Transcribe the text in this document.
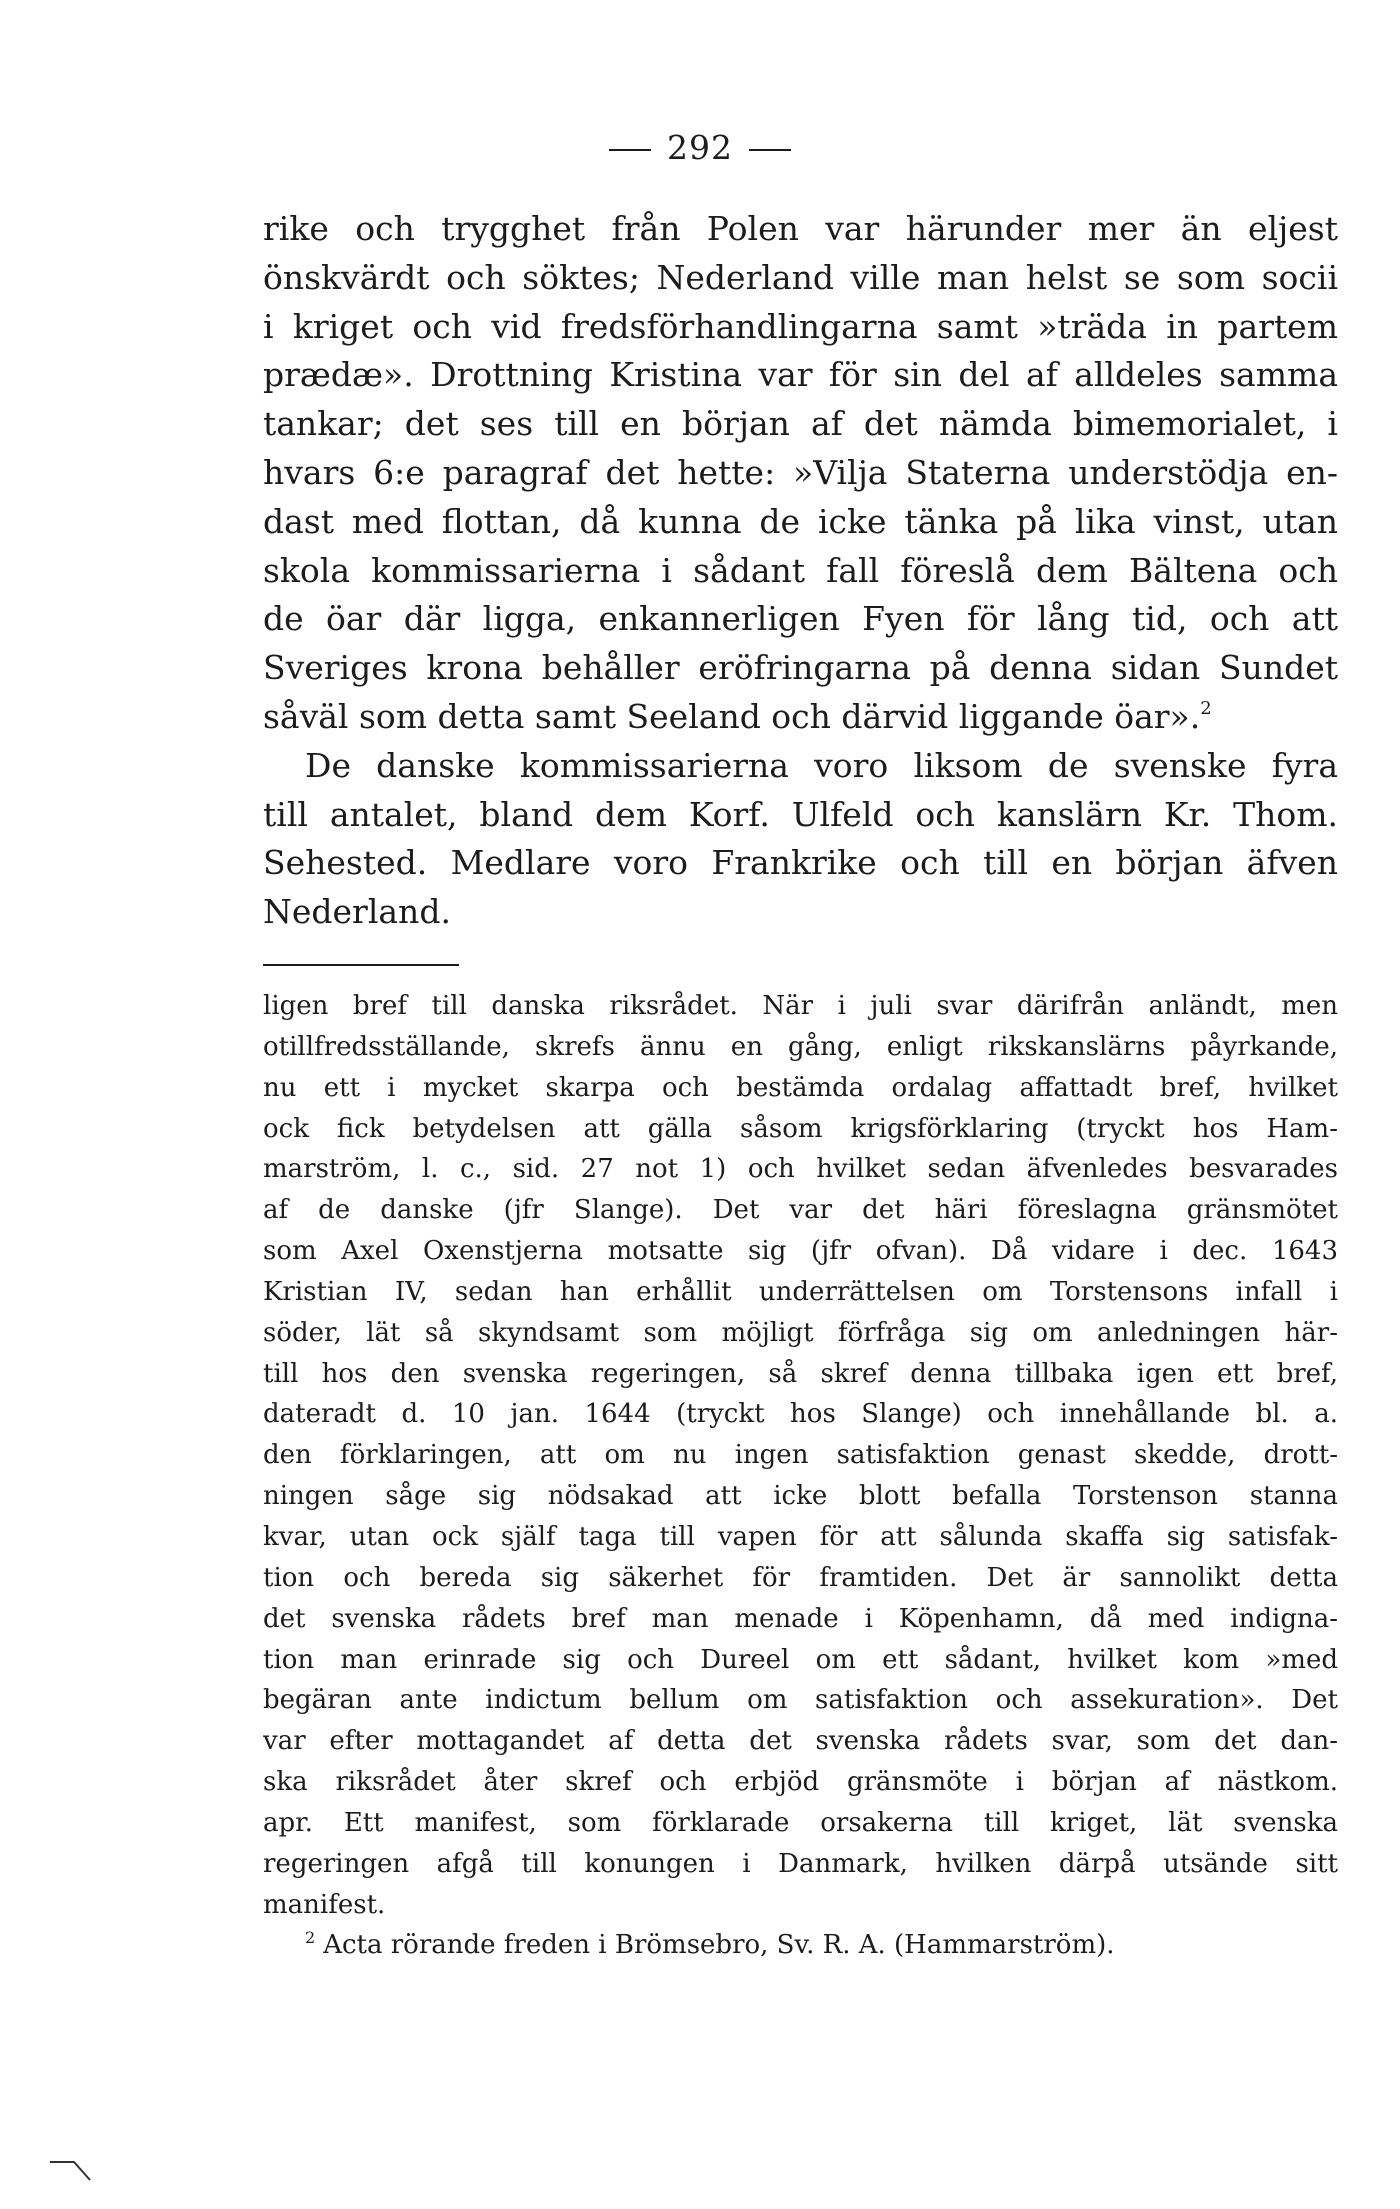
292
rike och trygghet från Polen var härunder mer än eljest
önskvärdt och söktes; Nederland ville man helst se som socii
i kriget och vid fredsförhandlingarna samt »träda in partem
prædæ». Drottning Kristina var för sin del af alldeles samma
tankar; det ses till en början af det nämda bimemorialet, i
hvars 6:e paragraf det hette: »Vilja Staterna understödja en-
dast med flottan, då kunna de icke tänka på lika vinst, utan
skola kommissarierna i sådant fall föreslå dem Bältena och
de öar där ligga, enkannerligen Fyen för lång tid, och att
Sveriges krona behåller eröfringarna på denna sidan Sundet
såväl som detta samt Seeland och därvid liggande öar».$^2$
De danske kommissarierna voro liksom de svenske fyra
till antalet, bland dem Korf. Ulfeld och kanslärn Kr. Thom.
Sehested. Medlare voro Frankrike och till en början äfven
Nederland.
ligen bref till danska riksrådet. När i juli svar därifrån anländt, men
otillfredsställande, skrefs ännu en gång, enligt rikskanslärns påyrkande,
nu ett i mycket skarpa och bestämda ordalag affattadt bref, hvilket
ock fick betydelsen att gälla såsom krigsförklaring (tryckt hos Ham-
marström, l. c., sid. 27 not 1) och hvilket sedan äfvenledes besvarades
af de danske (jfr Slange). Det var det häri föreslagna gränsmötet
som Axel Oxenstjerna motsatte sig (jfr ofvan). Då vidare i dec. 1643
Kristian IV, sedan han erhållit underrättelsen om Torstensons infall i
söder, lät så skyndsamt som möjligt förfråga sig om anledningen här-
till hos den svenska regeringen, så skref denna tillbaka igen ett bref,
dateradt d. 10 jan. 1644 (tryckt hos Slange) och innehållande bl. a.
den förklaringen, att om nu ingen satisfaktion genast skedde, drott-
ningen såge sig nödsakad att icke blott befalla Torstenson stanna
kvar, utan ock själf taga till vapen för att sålunda skaffa sig satisfak-
tion och bereda sig säkerhet för framtiden. Det är sannolikt detta
det svenska rådets bref man menade i Köpenhamn, då med indigna-
tion man erinrade sig och Dureel om ett sådant, hvilket kom »med
begäran ante indictum bellum om satisfaktion och assekuration». Det
var efter mottagandet af detta det svenska rådets svar, som det dan-
ska riksrådet åter skref och erbjöd gränsmöte i början af nästkom.
apr. Ett manifest, som förklarade orsakerna till kriget, lät svenska
regeringen afgå till konungen i Danmark, hvilken därpå utsände sitt
manifest.
$^2$ Acta rörande freden i Brömsebro, Sv. R. A. (Hammarström).
